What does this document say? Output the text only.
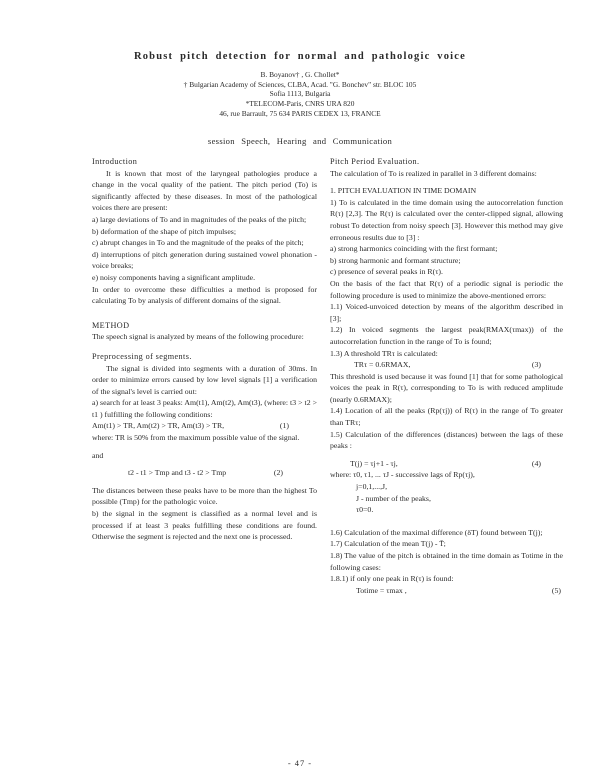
Robust pitch detection for normal and pathologic voice
B. Boyanov† , G. Chollet*
† Bulgarian Academy of Sciences, CLBA, Acad. "G. Bonchev" str. BLOC 105
Sofia 1113, Bulgaria
*TELECOM-Paris, CNRS URA 820
46, rue Barrault, 75 634 PARIS CEDEX 13, FRANCE
session Speech, Hearing and Communication

Introduction

It is known that most of the laryngeal pathologies produce a change in the vocal quality of the patient. The pitch period (To) is significantly affected by these diseases. In most of the pathological voices there are present:

a) large deviations of To and in magnitudes of the peaks of the pitch;

b) deformation of the shape of pitch impulses;

c) abrupt changes in To and the magnitude of the peaks of the pitch;

d) interruptions of pitch generation during sustained vowel phonation - voice breaks;

e) noisy components having a significant amplitude.

In order to overcome these difficulties a method is proposed for calculating To by analysis of different domains of the signal.

METHOD

The speech signal is analyzed by means of the following procedure:

Preprocessing of segments.

The signal is divided into segments with a duration of 30ms. In order to minimize errors caused by low level signals [1] a verification of the signal's level is carried out:

a) search for at least 3 peaks: Am(t1), Am(t2), Am(t3), (where: t3 > t2 > t1 ) fulfilling the following conditions:

Am(t1) > TR, Am(t2) > TR, Am(t3) > TR,	(1)

where: TR is 50% from the maximum possible value of the signal.

and

t2 - t1 > Tmp and t3 - t2 > Tmp	(2)

The distances between these peaks have to be more than the highest To possible (Tmp) for the pathologic voice.

b) the signal in the segment is classified as a normal level and is processed if at least 3 peaks fulfilling these conditions are found. Otherwise the segment is rejected and the next one is processed.

Pitch Period Evaluation.

The calculation of To is realized in parallel in 3 different domains:

1. PITCH EVALUATION IN TIME DOMAIN

1) To is calculated in the time domain using the autocorrelation function R(τ) [2,3]. The R(τ) is calculated over the center-clipped signal, allowing robust To detection from noisy speech [3]. However this method may give erroneous results due to [3] :

a) strong harmonics coinciding with the first formant;

b) strong harmonic and formant structure;

c) presence of several peaks in R(τ).

On the basis of the fact that R(τ) of a periodic signal is periodic the following procedure is used to minimize the above-mentioned errors:

1.1) Voiced-unvoiced detection by means of the algorithm described in [3];

1.2) In voiced segments the largest peak(RMAX(τmax)) of the autocorrelation function in the range of To is found;

1.3) A threshold TRτ is calculated:

TRτ = 0.6RMAX,	(3)

This threshold is used because it was found [1] that for some pathological voices the peak in R(τ), corresponding to To is with reduced amplitude (nearly 0.6RMAX);

1.4) Location of all the peaks (Rp(τj)) of R(τ) in the range of To greater than TRτ;

1.5) Calculation of the differences (distances) between the lags of these peaks :

T(j) = τj+1 - τj,	(4)

where: τ0, τ1, ... τJ - successive lags of Rp(τj),

j=0,1,...,J,

J - number of the peaks,

τ0=0.

1.6) Calculation of the maximal difference (δT) found between T(j);

1.7) Calculation of the mean T(j) - T̄;

1.8) The value of the pitch is obtained in the time domain as Totime in the following cases:

1.8.1) if only one peak in R(τ) is found:

Totime = τmax ,	(5)
- 47 -
